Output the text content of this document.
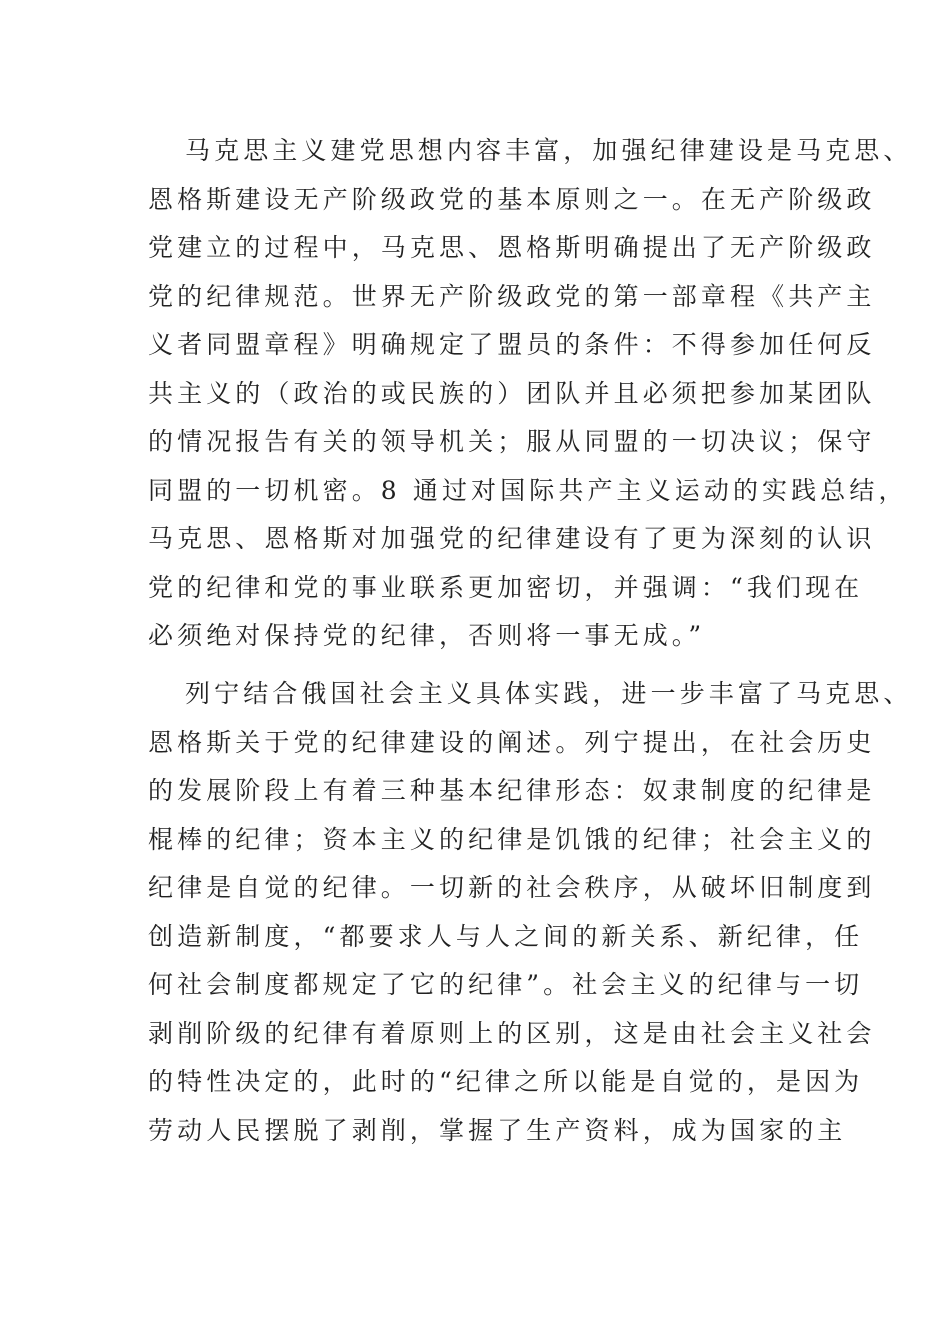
马克思主义建党思想内容丰富，加强纪律建设是马克思、
恩格斯建设无产阶级政党的基本原则之一。在无产阶级政
党建立的过程中，马克思、恩格斯明确提出了无产阶级政
党的纪律规范。世界无产阶级政党的第一部章程《共产主
义者同盟章程》明确规定了盟员的条件：不得参加任何反
共主义的（政治的或民族的）团队并且必须把参加某团队
的情况报告有关的领导机关；服从同盟的一切决议；保守
同盟的一切机密。8 通过对国际共产主义运动的实践总结，
马克思、恩格斯对加强党的纪律建设有了更为深刻的认识
党的纪律和党的事业联系更加密切，并强调：“我们现在
必须绝对保持党的纪律，否则将一事无成。”
列宁结合俄国社会主义具体实践，进一步丰富了马克思、
恩格斯关于党的纪律建设的阐述。列宁提出，在社会历史
的发展阶段上有着三种基本纪律形态：奴隶制度的纪律是
棍棒的纪律；资本主义的纪律是饥饿的纪律；社会主义的
纪律是自觉的纪律。一切新的社会秩序，从破坏旧制度到
创造新制度，“都要求人与人之间的新关系、新纪律，任
何社会制度都规定了它的纪律”。社会主义的纪律与一切
剥削阶级的纪律有着原则上的区别，这是由社会主义社会
的特性决定的，此时的“纪律之所以能是自觉的，是因为
劳动人民摆脱了剥削，掌握了生产资料，成为国家的主
